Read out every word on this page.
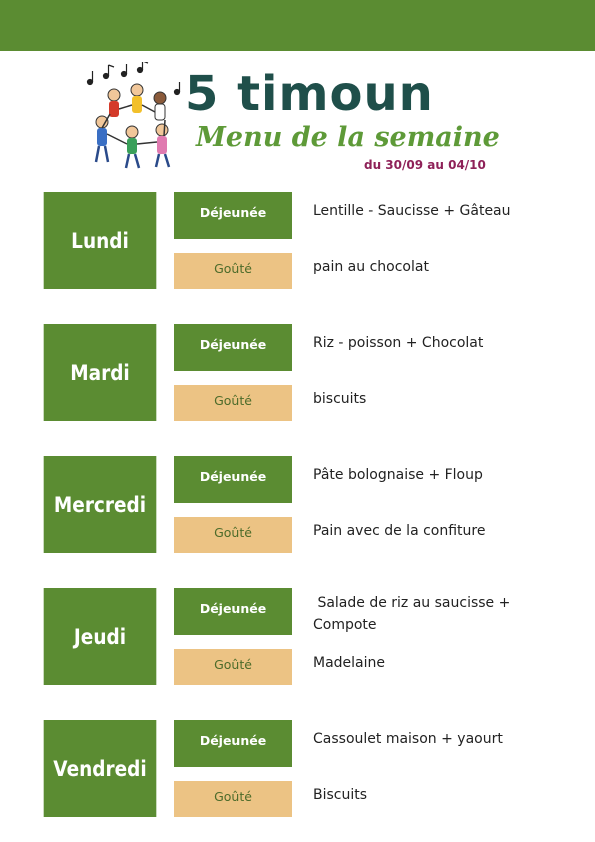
5 timoun
Menu de la semaine
du 30/09 au 04/10
Lundi
Déjeunée	Lentille - Saucisse + Gâteau
Goûté	pain au chocolat
Mardi
Déjeunée	Riz - poisson + Chocolat
Goûté	biscuits
Mercredi
Déjeunée	Pâte bolognaise + Floup
Goûté	Pain avec de la confiture
Jeudi
Déjeunée	Salade de riz au saucisse + Compote
Goûté	Madelaine
Vendredi
Déjeunée	Cassoulet maison + yaourt
Goûté	Biscuits
